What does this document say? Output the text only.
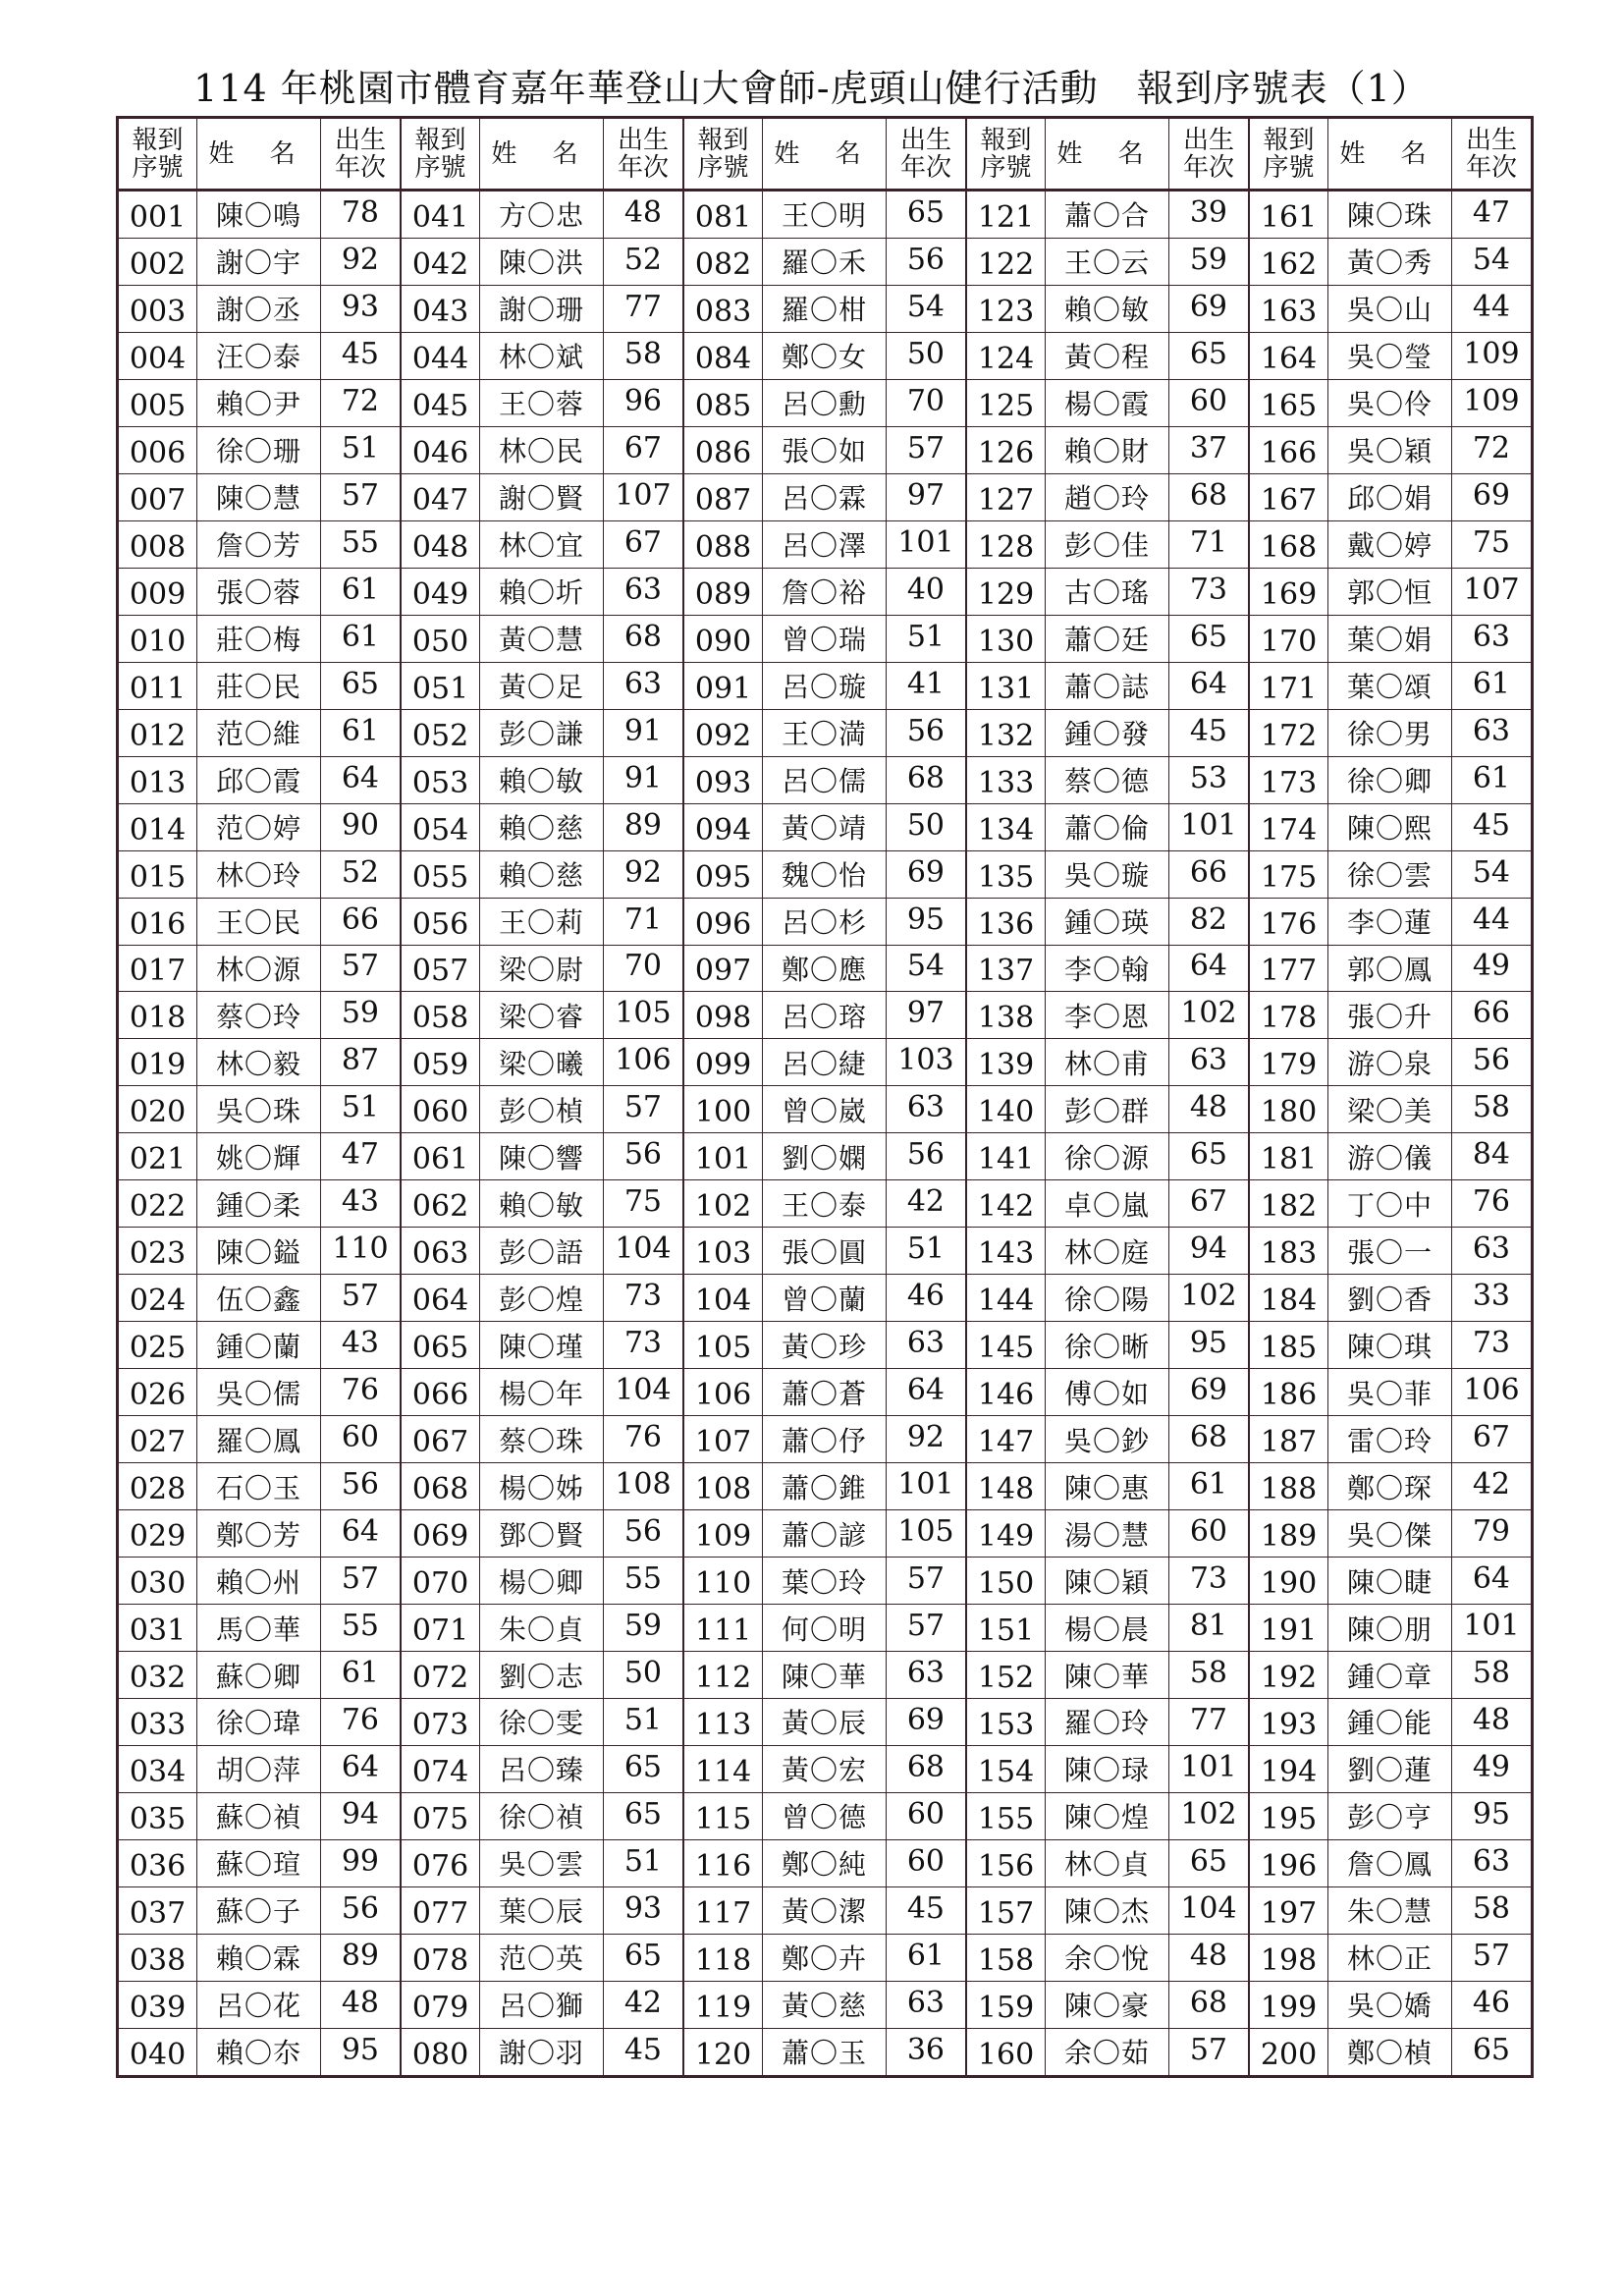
114 年桃園市體育嘉年華登山大會師-虎頭山健行活動　報到序號表（1）
報到
序號 姓 名	出生
年次
001	陳〇鳴	78
002	謝〇宇	92
003	謝〇丞	93
004	汪〇泰	45
005	賴〇尹	72
006	徐〇珊	51
007	陳〇慧	57
008	詹〇芳	55
009	張〇蓉	61
010	莊〇梅	61
011	莊〇民	65
012	范〇維	61
013	邱〇霞	64
014	范〇婷	90
015	林〇玲	52
016	王〇民	66
017	林〇源	57
018	蔡〇玲	59
019	林〇毅	87
020	吳〇珠	51
021	姚〇輝	47
022	鍾〇柔	43
023	陳〇鎰	110
024	伍〇鑫	57
025	鍾〇蘭	43
026	吳〇儒	76
027	羅〇鳳	60
028	石〇玉	56
029	鄭〇芳	64
030	賴〇州	57
031	馬〇華	55
032	蘇〇卿	61
033	徐〇瑋	76
034	胡〇萍	64
035	蘇〇禎	94
036	蘇〇瑄	99
037	蘇〇子	56
038	賴〇霖	89
039	呂〇花	48
040	賴〇夵	95
報到
序號 姓 名	出生
年次
041	方〇忠	48
042	陳〇洪	52
043	謝〇珊	77
044	林〇斌	58
045	王〇蓉	96
046	林〇民	67
047	謝〇賢	107
048	林〇宜	67
049	賴〇圻	63
050	黃〇慧	68
051	黃〇足	63
052	彭〇謙	91
053	賴〇敏	91
054	賴〇慈	89
055	賴〇慈	92
056	王〇莉	71
057	梁〇尉	70
058	梁〇睿	105
059	梁〇曦	106
060	彭〇楨	57
061	陳〇響	56
062	賴〇敏	75
063	彭〇語	104
064	彭〇煌	73
065	陳〇瑾	73
066	楊〇年	104
067	蔡〇珠	76
068	楊〇姊	108
069	鄧〇賢	56
070	楊〇卿	55
071	朱〇貞	59
072	劉〇志	50
073	徐〇雯	51
074	呂〇臻	65
075	徐〇禎	65
076	吳〇雲	51
077	葉〇辰	93
078	范〇英	65
079	呂〇獅	42
080	謝〇羽	45
報到
序號 姓 名	出生
年次
081	王〇明	65
082	羅〇禾	56
083	羅〇柑	54
084	鄭〇女	50
085	呂〇勳	70
086	張〇如	57
087	呂〇霖	97
088	呂〇澤	101
089	詹〇裕	40
090	曾〇瑞	51
091	呂〇璇	41
092	王〇満	56
093	呂〇儒	68
094	黃〇靖	50
095	魏〇怡	69
096	呂〇杉	95
097	鄭〇應	54
098	呂〇瑢	97
099	呂〇緁	103
100	曾〇崴	63
101	劉〇嫻	56
102	王〇泰	42
103	張〇圓	51
104	曾〇蘭	46
105	黃〇珍	63
106	蕭〇蒼	64
107	蕭〇伃	92
108	蕭〇錐	101
109	蕭〇諺	105
110	葉〇玲	57
111	何〇明	57
112	陳〇華	63
113	黃〇辰	69
114	黃〇宏	68
115	曾〇德	60
116	鄭〇純	60
117	黃〇潔	45
118	鄭〇卉	61
119	黃〇慈	63
120	蕭〇玉	36
報到
序號 姓 名	出生
年次
121	蕭〇合	39
122	王〇云	59
123	賴〇敏	69
124	黃〇程	65
125	楊〇霞	60
126	賴〇財	37
127	趙〇玲	68
128	彭〇佳	71
129	古〇瑤	73
130	蕭〇廷	65
131	蕭〇誌	64
132	鍾〇發	45
133	蔡〇德	53
134	蕭〇倫	101
135	吳〇璇	66
136	鍾〇瑛	82
137	李〇翰	64
138	李〇恩	102
139	林〇甫	63
140	彭〇群	48
141	徐〇源	65
142	卓〇嵐	67
143	林〇庭	94
144	徐〇陽	102
145	徐〇晰	95
146	傅〇如	69
147	吳〇鈔	68
148	陳〇惠	61
149	湯〇慧	60
150	陳〇穎	73
151	楊〇晨	81
152	陳〇華	58
153	羅〇玲	77
154	陳〇琭	101
155	陳〇煌	102
156	林〇貞	65
157	陳〇杰	104
158	余〇悅	48
159	陳〇豪	68
160	余〇茹	57
報到
序號 姓 名	出生
年次
161	陳〇珠	47
162	黃〇秀	54
163	吳〇山	44
164	吳〇瑩	109
165	吳〇伶	109
166	吳〇穎	72
167	邱〇娟	69
168	戴〇婷	75
169	郭〇恒	107
170	葉〇娟	63
171	葉〇頌	61
172	徐〇男	63
173	徐〇卿	61
174	陳〇熙	45
175	徐〇雲	54
176	李〇蓮	44
177	郭〇鳳	49
178	張〇升	66
179	游〇泉	56
180	梁〇美	58
181	游〇儀	84
182	丁〇中	76
183	張〇一	63
184	劉〇香	33
185	陳〇琪	73
186	吳〇菲	106
187	雷〇玲	67
188	鄭〇琛	42
189	吳〇傑	79
190	陳〇睫	64
191	陳〇朋	101
192	鍾〇章	58
193	鍾〇能	48
194	劉〇蓮	49
195	彭〇亨	95
196	詹〇鳳	63
197	朱〇慧	58
198	林〇正	57
199	吳〇嬌	46
200	鄭〇楨	65
